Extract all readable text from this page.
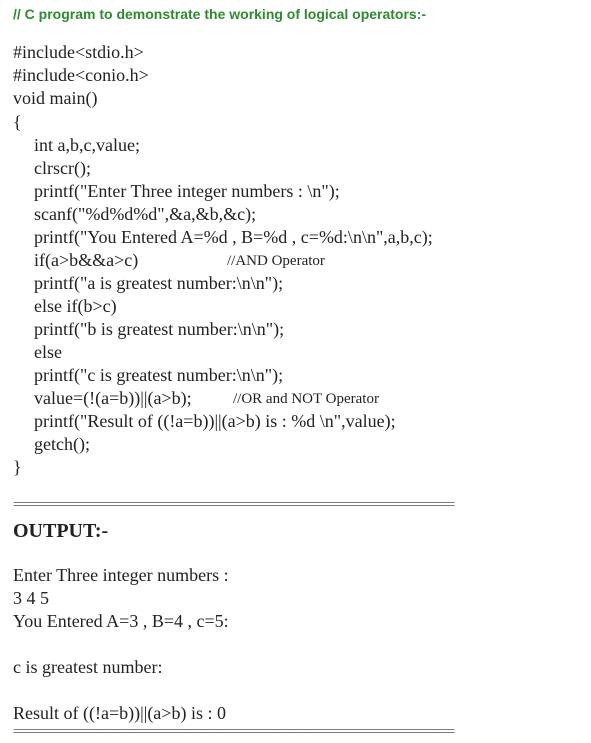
// C program to demonstrate the working of logical operators:-
#include<stdio.h>
#include<conio.h>
void main()
{
int a,b,c,value;
clrscr();
printf("Enter Three integer numbers : \n");
scanf("%d%d%d",&a,&b,&c);
printf("You Entered A=%d , B=%d , c=%d:\n\n",a,b,c);
if(a>b&&a>c)	//AND Operator
printf("a is greatest number:\n\n");
else if(b>c)
printf("b is greatest number:\n\n");
else
printf("c is greatest number:\n\n");
value=(!(a=b))||(a>b);	//OR and NOT Operator
printf("Result of ((!a=b))||(a>b) is : %d \n",value);
getch();
}
================================================================================
OUTPUT:-
Enter Three integer numbers :
3 4 5
You Entered A=3 , B=4 , c=5:
c is greatest number:
Result of ((!a=b))||(a>b) is : 0
================================================================================
